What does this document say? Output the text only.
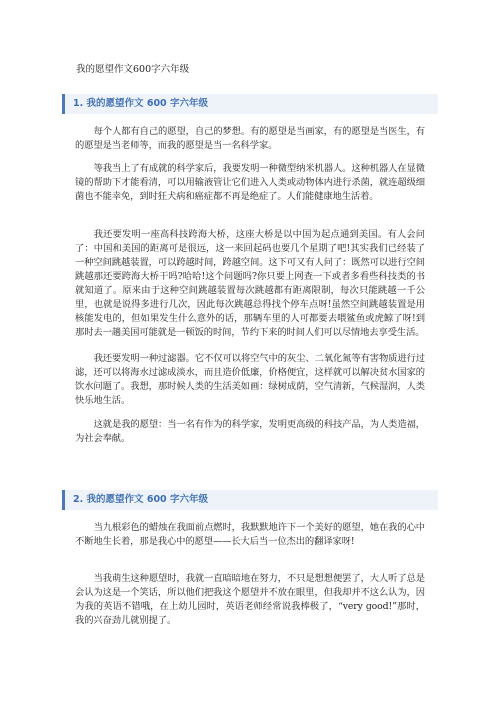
我的愿望作文600字六年级
1. 我的愿望作文 600 字六年级

每个人都有自己的愿望，自己的梦想。有的愿望是当画家，有的愿望是当医生，有的愿望是当老师等，而我的愿望是当一名科学家。

等我当上了有成就的科学家后，我要发明一种微型纳米机器人。这种机器人在显微镜的帮助下才能看清，可以用输液管让它们进入人类或动物体内进行杀菌，就连超级细菌也不能幸免，到时狂犬病和癌症都不再是绝症了。人们能健康地生活着。

我还要发明一座高科技跨海大桥，这座大桥是以中国为起点通到美国。有人会问了：中国和美国的距离可是很远，这一来回起码也要几个星期了吧!其实我们已经装了一种空间跳越装置，可以跨越时间，跨越空间。这下可又有人问了：既然可以进行空间跳越那还要跨海大桥干吗?哈哈!这个问题吗?你只要上网查一下或者多看些科技类的书就知道了。原来由于这种空间跳越装置每次跳越都有距离限制，每次只能跳越一千公里，也就是说得多进行几次，因此每次跳越总得找个停车点呀!虽然空间跳越装置是用核能发电的，但如果发生什么意外的话，那辆车里的人可都要去喂鲨鱼或虎鲸了呀!到那时去一趟美国可能就是一顿饭的时间，节约下来的时间人们可以尽情地去享受生活。

我还要发明一种过滤器。它不仅可以将空气中的灰尘、二氧化氮等有害物质进行过滤，还可以将海水过滤成淡水，而且造价低廉，价格便宜，这样就可以解决贫水国家的饮水问题了。我想，那时候人类的生活美如画：绿树成荫，空气清新，气候湿润，人类快乐地生活。

这就是我的愿望：当一名有作为的科学家，发明更高级的科技产品，为人类造福，为社会奉献。

2. 我的愿望作文 600 字六年级

当九根彩色的蜡烛在我面前点燃时，我默默地许下一个美好的愿望，她在我的心中不断地生长着，那是我心中的愿望——长大后当一位杰出的翻译家呀!

当我萌生这种愿望时，我就一直暗暗地在努力，不只是想想便罢了，大人听了总是会认为这是一个笑话，所以他们把我这个愿望并不放在眼里，但我却并不这么认为，因为我的英语不错哦，在上幼儿园时，英语老师经常说我棒极了，“very good!”那时，我的兴奋劲儿就别提了。
